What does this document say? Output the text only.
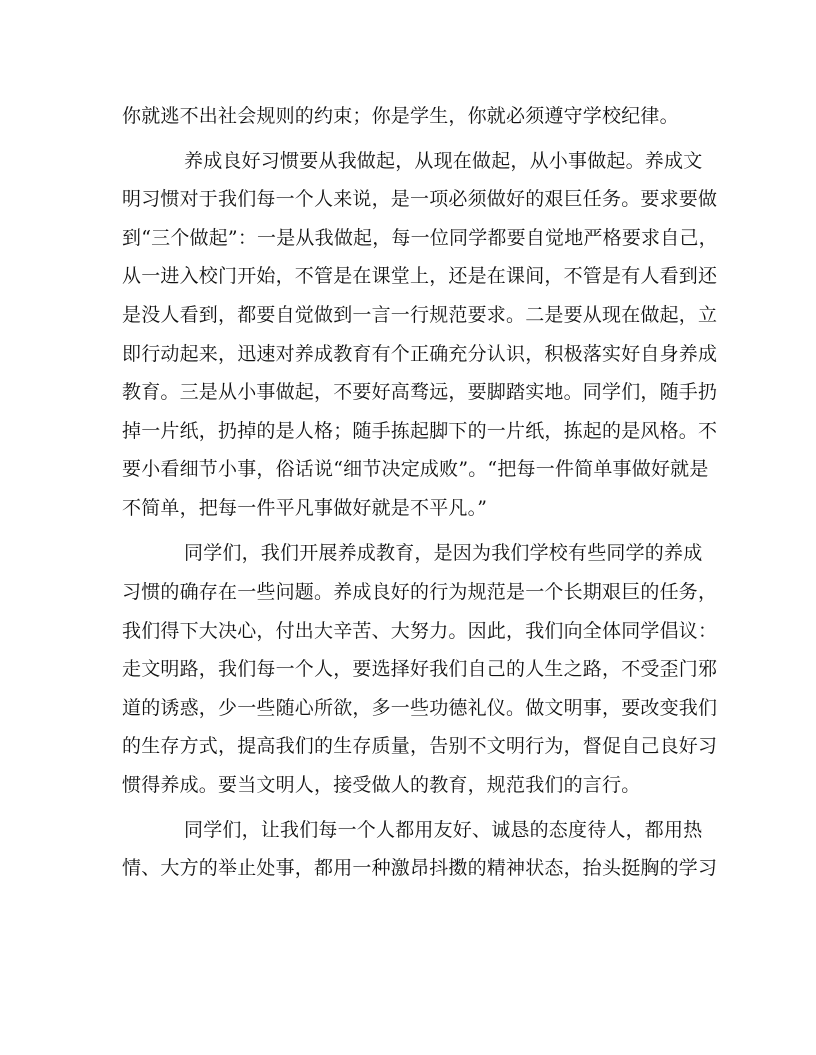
你就逃不出社会规则的约束；你是学生，你就必须遵守学校纪律。
养成良好习惯要从我做起，从现在做起，从小事做起。养成文
明习惯对于我们每一个人来说，是一项必须做好的艰巨任务。要求要做
到“三个做起”：一是从我做起，每一位同学都要自觉地严格要求自己，
从一进入校门开始，不管是在课堂上，还是在课间，不管是有人看到还
是没人看到，都要自觉做到一言一行规范要求。二是要从现在做起，立
即行动起来，迅速对养成教育有个正确充分认识，积极落实好自身养成
教育。三是从小事做起，不要好高骛远，要脚踏实地。同学们，随手扔
掉一片纸，扔掉的是人格；随手拣起脚下的一片纸，拣起的是风格。不
要小看细节小事，俗话说“细节决定成败”。“把每一件简单事做好就是
不简单，把每一件平凡事做好就是不平凡。”
同学们，我们开展养成教育，是因为我们学校有些同学的养成
习惯的确存在一些问题。养成良好的行为规范是一个长期艰巨的任务，
我们得下大决心，付出大辛苦、大努力。因此，我们向全体同学倡议：
走文明路，我们每一个人，要选择好我们自己的人生之路，不受歪门邪
道的诱惑，少一些随心所欲，多一些功德礼仪。做文明事，要改变我们
的生存方式，提高我们的生存质量，告别不文明行为，督促自己良好习
惯得养成。要当文明人，接受做人的教育，规范我们的言行。
同学们，让我们每一个人都用友好、诚恳的态度待人，都用热
情、大方的举止处事，都用一种激昂抖擞的精神状态，抬头挺胸的学习
